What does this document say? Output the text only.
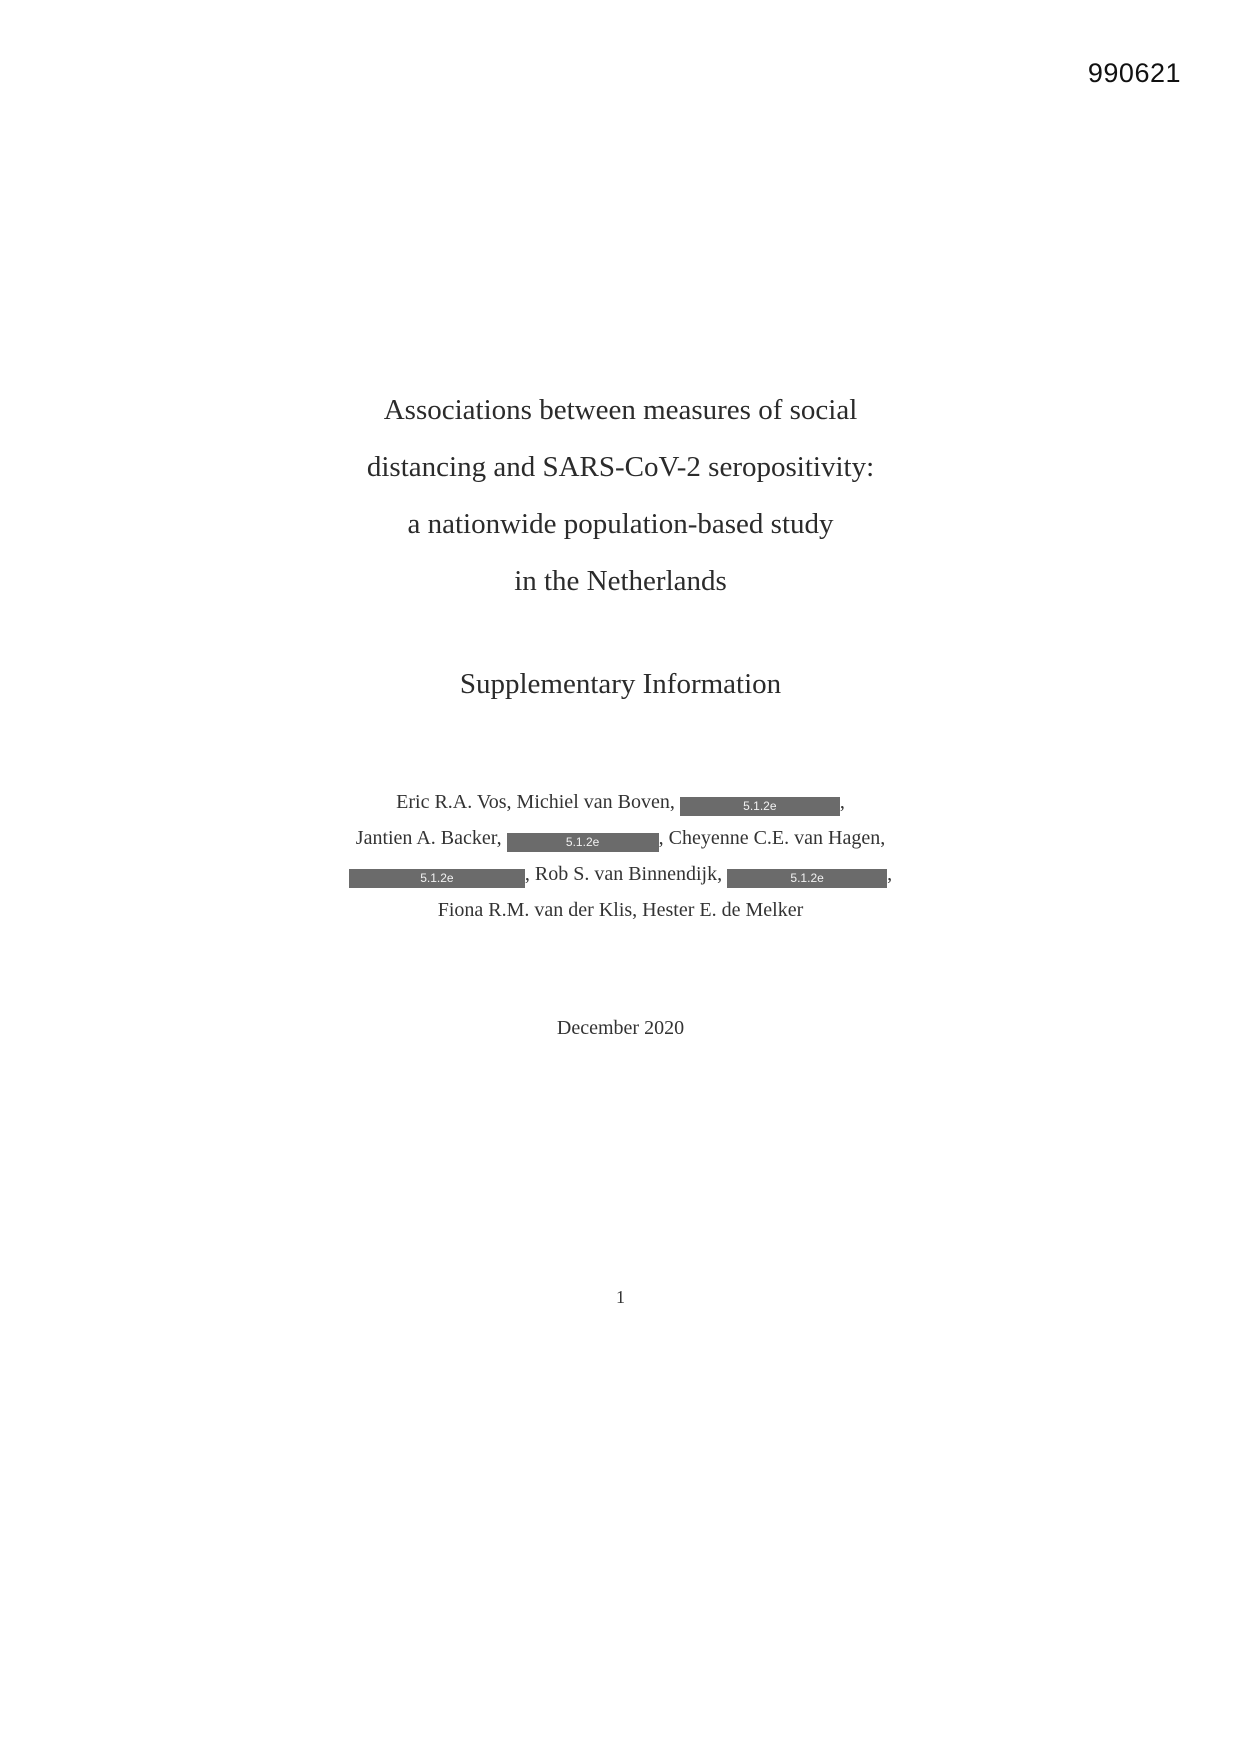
990621
Associations between measures of social
distancing and SARS-CoV-2 seropositivity:
a nationwide population-based study
in the Netherlands
Supplementary Information
Eric R.A. Vos, Michiel van Boven,	5.1.2e	,
Jantien A. Backer,	5.1.2e	, Cheyenne C.E. van Hagen,
5.1.2e	, Rob S. van Binnendijk,	5.1.2e	,
Fiona R.M. van der Klis, Hester E. de Melker
December 2020
1
